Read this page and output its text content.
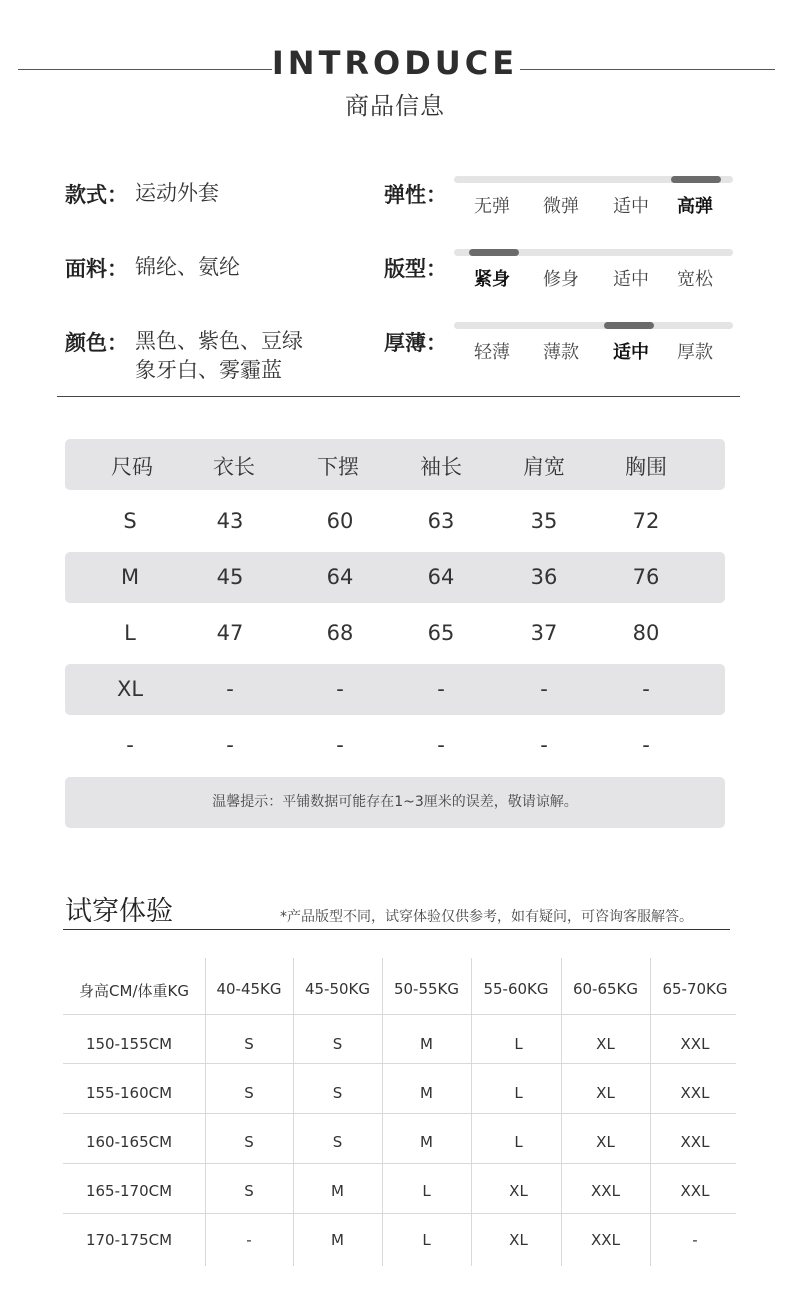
INTRODUCE
商品信息
款式： 运动外套
面料： 锦纶、氨纶
颜色： 黑色、紫色、豆绿
象牙白、雾霾蓝
弹性：	无弹	微弹	适中	高弹
版型：	紧身	修身	适中	宽松
厚薄：	轻薄	薄款	适中	厚款
尺码	衣长	下摆	袖长	肩宽	胸围
S	43	60	63	35	72
M	45	64	64	36	76
L	47	68	65	37	80
XL	-	-	-	-	-
-	-	-	-	-	-
温馨提示：平铺数据可能存在1~3厘米的误差，敬请谅解。
试穿体验	*产品版型不同，试穿体验仅供参考，如有疑问，可咨询客服解答。
身高CM/体重KG	40-45KG	45-50KG	50-55KG	55-60KG	60-65KG	65-70KG
150-155CM	S	S	M	L	XL	XXL
155-160CM	S	S	M	L	XL	XXL
160-165CM	S	S	M	L	XL	XXL
165-170CM	S	M	L	XL	XXL	XXL
170-175CM	-	M	L	XL	XXL	-
